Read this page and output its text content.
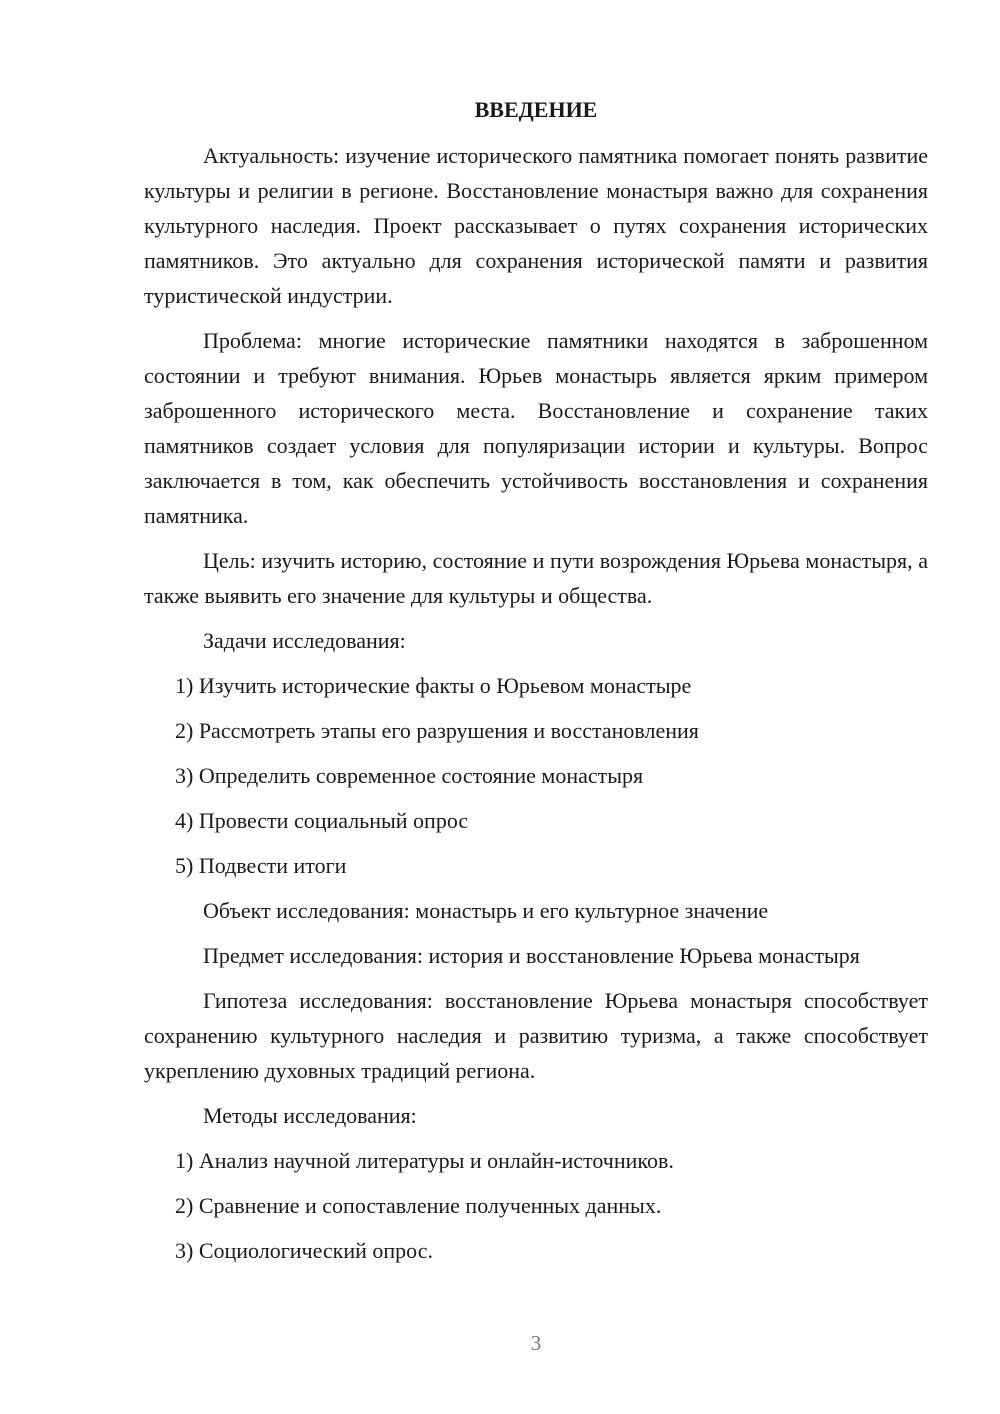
ВВЕДЕНИЕ

Актуальность: изучение исторического памятника помогает понять развитие культуры и религии в регионе. Восстановление монастыря важно для сохранения культурного наследия. Проект рассказывает о путях сохранения исторических памятников. Это актуально для сохранения исторической памяти и развития туристической индустрии.

Проблема: многие исторические памятники находятся в заброшенном состоянии и требуют внимания. Юрьев монастырь является ярким примером заброшенного исторического места. Восстановление и сохранение таких памятников создает условия для популяризации истории и культуры. Вопрос заключается в том, как обеспечить устойчивость восстановления и сохранения памятника.

Цель: изучить историю, состояние и пути возрождения Юрьева монастыря, а также выявить его значение для культуры и общества.

Задачи исследования:

1) Изучить исторические факты о Юрьевом монастыре
2) Рассмотреть этапы его разрушения и восстановления
3) Определить современное состояние монастыря
4) Провести социальный опрос
5) Подвести итоги

Объект исследования: монастырь и его культурное значение

Предмет исследования: история и восстановление Юрьева монастыря

Гипотеза исследования: восстановление Юрьева монастыря способствует сохранению культурного наследия и развитию туризма, а также способствует укреплению духовных традиций региона.

Методы исследования:

1) Анализ научной литературы и онлайн-источников.
2) Сравнение и сопоставление полученных данных.
3) Социологический опрос.
3
